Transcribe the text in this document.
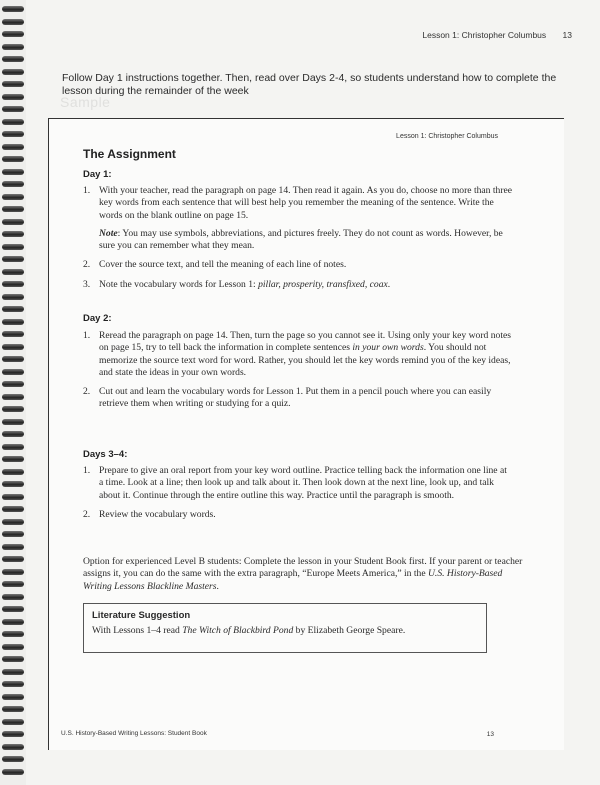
Lesson 1: Christopher Columbus 13
Follow Day 1 instructions together. Then, read over Days 2-4, so students understand how to complete the lesson during the remainder of the week
Sample
Lesson 1: Christopher Columbus
The Assignment
Day 1:
1. With your teacher, read the paragraph on page 14. Then read it again. As you do, choose no more than three key words from each sentence that will best help you remember the meaning of the sentence. Write the words on the blank outline on page 15.
Note: You may use symbols, abbreviations, and pictures freely. They do not count as words. However, be sure you can remember what they mean.
2. Cover the source text, and tell the meaning of each line of notes.
3. Note the vocabulary words for Lesson 1: pillar, prosperity, transfixed, coax.
Day 2:
1. Reread the paragraph on page 14. Then, turn the page so you cannot see it. Using only your key word notes on page 15, try to tell back the information in complete sentences in your own words. You should not memorize the source text word for word. Rather, you should let the key words remind you of the key ideas, and state the ideas in your own words.
2. Cut out and learn the vocabulary words for Lesson 1. Put them in a pencil pouch where you can easily retrieve them when writing or studying for a quiz.
Days 3–4:
1. Prepare to give an oral report from your key word outline. Practice telling back the information one line at a time. Look at a line; then look up and talk about it. Then look down at the next line, look up, and talk about it. Continue through the entire outline this way. Practice until the paragraph is smooth.
2. Review the vocabulary words.
Option for experienced Level B students: Complete the lesson in your Student Book first. If your parent or teacher assigns it, you can do the same with the extra paragraph, “Europe Meets America,” in the U.S. History-Based Writing Lessons Blackline Masters.
Literature Suggestion
With Lessons 1–4 read The Witch of Blackbird Pond by Elizabeth George Speare.
U.S. History-Based Writing Lessons: Student Book	13
